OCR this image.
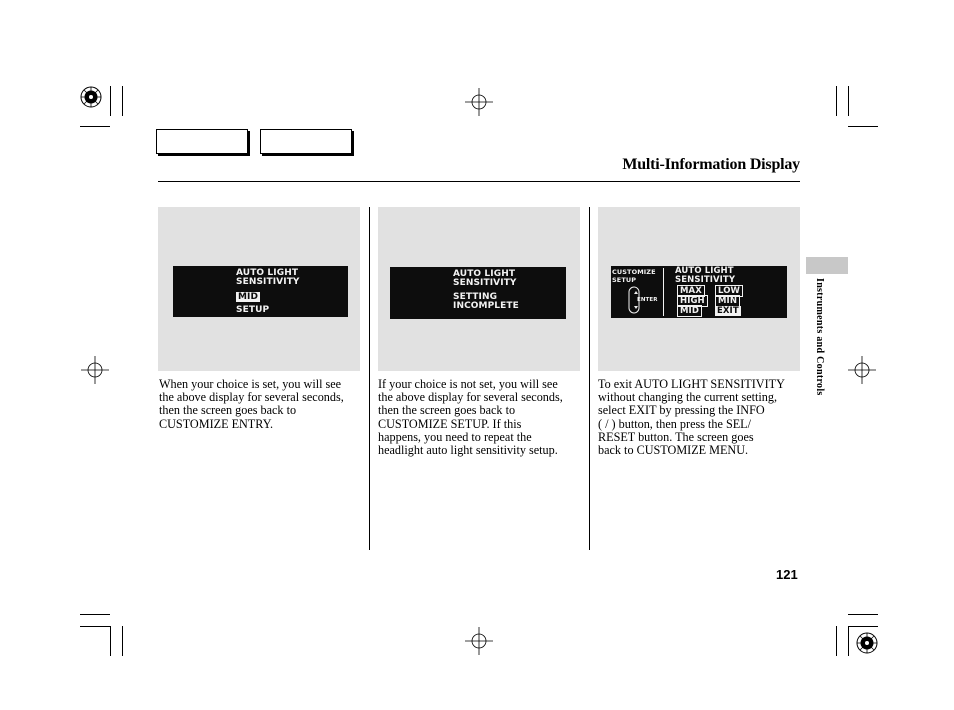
Multi-Information Display
AUTO LIGHT
SENSITIVITY
MID
SETUP

When your choice is set, you will see
the above display for several seconds,
then the screen goes back to
CUSTOMIZE ENTRY.

AUTO LIGHT
SENSITIVITY
SETTING
INCOMPLETE

If your choice is not set, you will see
the above display for several seconds,
then the screen goes back to
CUSTOMIZE SETUP. If this
happens, you need to repeat the
headlight auto light sensitivity setup.

CUSTOMIZE
SETUP
ENTER
AUTO LIGHT
SENSITIVITY
MAX	LOW
HIGH	MIN
MID	EXIT

To exit AUTO LIGHT SENSITIVITY
without changing the current setting,
select EXIT by pressing the INFO
( / ) button, then press the SEL/
RESET button. The screen goes
back to CUSTOMIZE MENU.

Instruments and Controls
121
